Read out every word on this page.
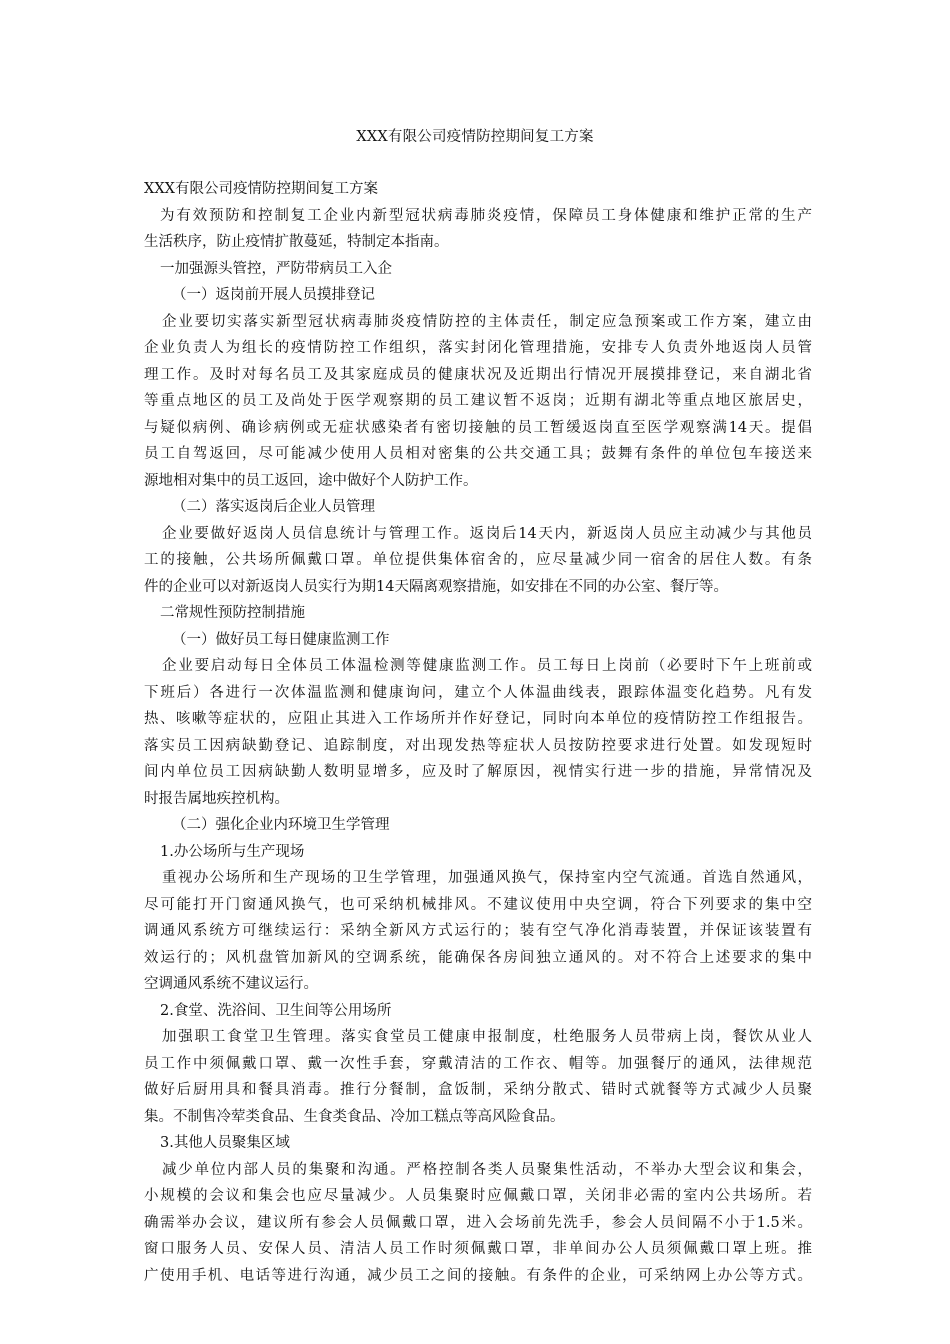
XXX有限公司疫情防控期间复工方案
XXX有限公司疫情防控期间复工方案
为有效预防和控制复工企业内新型冠状病毒肺炎疫情，保障员工身体健康和维护正常的生产
生活秩序，防止疫情扩散蔓延，特制定本指南。
一加强源头管控，严防带病员工入企
（一）返岗前开展人员摸排登记
企业要切实落实新型冠状病毒肺炎疫情防控的主体责任，制定应急预案或工作方案，建立由
企业负责人为组长的疫情防控工作组织，落实封闭化管理措施，安排专人负责外地返岗人员管
理工作。及时对每名员工及其家庭成员的健康状况及近期出行情况开展摸排登记，来自湖北省
等重点地区的员工及尚处于医学观察期的员工建议暂不返岗；近期有湖北等重点地区旅居史，
与疑似病例、确诊病例或无症状感染者有密切接触的员工暂缓返岗直至医学观察满14天。提倡
员工自驾返回，尽可能减少使用人员相对密集的公共交通工具；鼓舞有条件的单位包车接送来
源地相对集中的员工返回，途中做好个人防护工作。
（二）落实返岗后企业人员管理
企业要做好返岗人员信息统计与管理工作。返岗后14天内，新返岗人员应主动减少与其他员
工的接触，公共场所佩戴口罩。单位提供集体宿舍的，应尽量减少同一宿舍的居住人数。有条
件的企业可以对新返岗人员实行为期14天隔离观察措施，如安排在不同的办公室、餐厅等。
二常规性预防控制措施
（一）做好员工每日健康监测工作
企业要启动每日全体员工体温检测等健康监测工作。员工每日上岗前（必要时下午上班前或
下班后）各进行一次体温监测和健康询问，建立个人体温曲线表，跟踪体温变化趋势。凡有发
热、咳嗽等症状的，应阻止其进入工作场所并作好登记，同时向本单位的疫情防控工作组报告。
落实员工因病缺勤登记、追踪制度，对出现发热等症状人员按防控要求进行处置。如发现短时
间内单位员工因病缺勤人数明显增多，应及时了解原因，视情实行进一步的措施，异常情况及
时报告属地疾控机构。
（二）强化企业内环境卫生学管理
1.办公场所与生产现场
重视办公场所和生产现场的卫生学管理，加强通风换气，保持室内空气流通。首选自然通风，
尽可能打开门窗通风换气，也可采纳机械排风。不建议使用中央空调，符合下列要求的集中空
调通风系统方可继续运行：采纳全新风方式运行的；装有空气净化消毒装置，并保证该装置有
效运行的；风机盘管加新风的空调系统，能确保各房间独立通风的。对不符合上述要求的集中
空调通风系统不建议运行。
2.食堂、洗浴间、卫生间等公用场所
加强职工食堂卫生管理。落实食堂员工健康申报制度，杜绝服务人员带病上岗，餐饮从业人
员工作中须佩戴口罩、戴一次性手套，穿戴清洁的工作衣、帽等。加强餐厅的通风，法律规范
做好后厨用具和餐具消毒。推行分餐制，盒饭制，采纳分散式、错时式就餐等方式减少人员聚
集。不制售冷荤类食品、生食类食品、冷加工糕点等高风险食品。
3.其他人员聚集区域
减少单位内部人员的集聚和沟通。严格控制各类人员聚集性活动，不举办大型会议和集会，
小规模的会议和集会也应尽量减少。人员集聚时应佩戴口罩，关闭非必需的室内公共场所。若
确需举办会议，建议所有参会人员佩戴口罩，进入会场前先洗手，参会人员间隔不小于1.5米。
窗口服务人员、安保人员、清洁人员工作时须佩戴口罩，非单间办公人员须佩戴口罩上班。推
广使用手机、电话等进行沟通，减少员工之间的接触。有条件的企业，可采纳网上办公等方式。
